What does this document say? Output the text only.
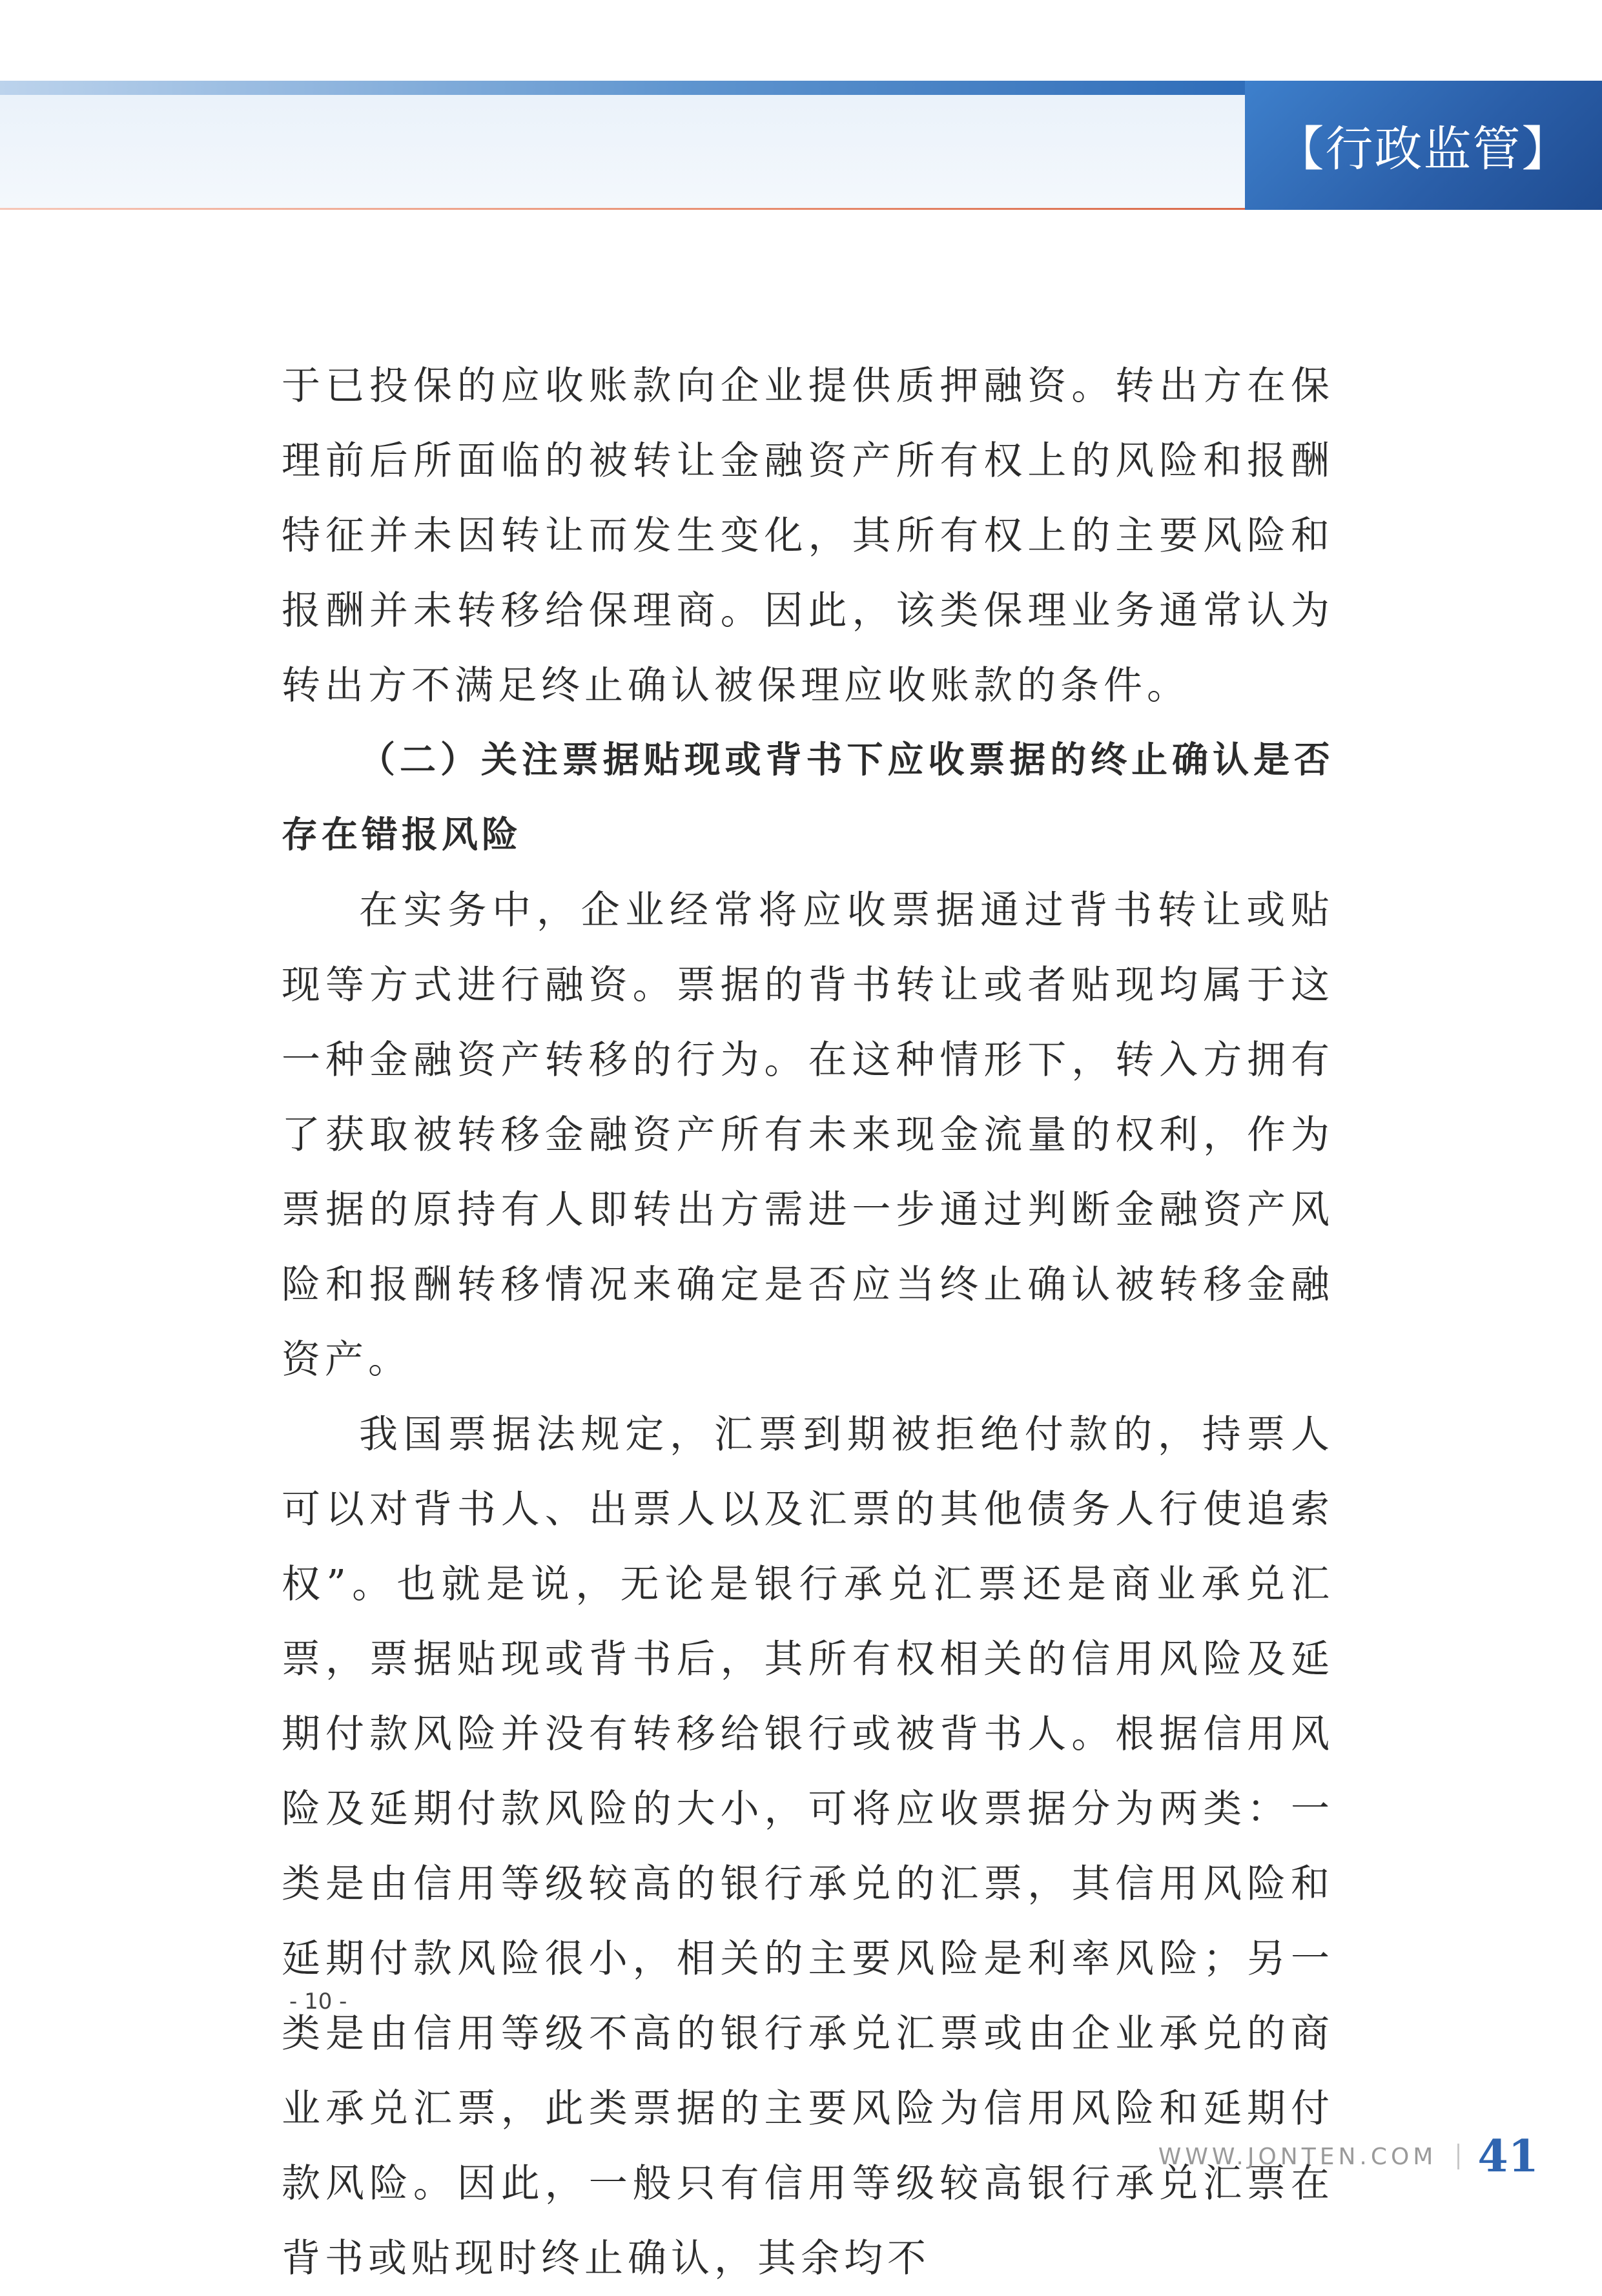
【行政监管】

于已投保的应收账款向企业提供质押融资。转出方在保理前后所面临的被转让金融资产所有权上的风险和报酬特征并未因转让而发生变化，其所有权上的主要风险和报酬并未转移给保理商。因此，该类保理业务通常认为转出方不满足终止确认被保理应收账款的条件。

（二）关注票据贴现或背书下应收票据的终止确认是否存在错报风险

在实务中，企业经常将应收票据通过背书转让或贴现等方式进行融资。票据的背书转让或者贴现均属于这一种金融资产转移的行为。在这种情形下，转入方拥有了获取被转移金融资产所有未来现金流量的权利，作为票据的原持有人即转出方需进一步通过判断金融资产风险和报酬转移情况来确定是否应当终止确认被转移金融资产。

我国票据法规定，汇票到期被拒绝付款的，持票人可以对背书人、出票人以及汇票的其他债务人行使追索权”。也就是说，无论是银行承兑汇票还是商业承兑汇票，票据贴现或背书后，其所有权相关的信用风险及延期付款风险并没有转移给银行或被背书人。根据信用风险及延期付款风险的大小，可将应收票据分为两类：一类是由信用等级较高的银行承兑的汇票，其信用风险和延期付款风险很小，相关的主要风险是利率风险；另一类是由信用等级不高的银行承兑汇票或由企业承兑的商业承兑汇票，此类票据的主要风险为信用风险和延期付款风险。因此，一般只有信用等级较高银行承兑汇票在背书或贴现时终止确认，其余均不

- 10 -
WWW.JONTEN.COM 41
